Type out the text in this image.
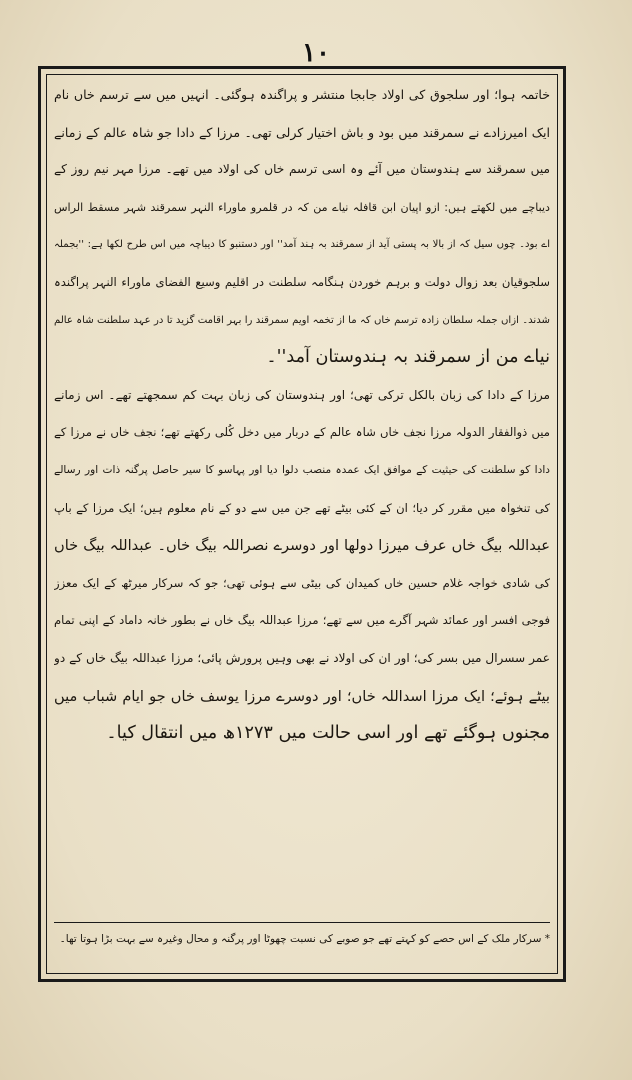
۱۰
خاتمہ ہوا؛ اور سلجوق کی اولاد جابجا منتشر و پراگندہ ہوگئی۔ انہیں میں سے ترسم خاں نام
ایک امیرزادے نے سمرقند میں بود و باش اختیار کرلی تھی۔ مرزا کے دادا جو شاہ عالم کے زمانے
میں سمرقند سے ہندوستان میں آئے وہ اسی ترسم خاں کی اولاد میں تھے۔ مرزا مہر نیم روز کے
دیباچے میں لکھتے ہیں: ازو اپیان ابن قافلہ نیاے من کہ در قلمرو ماوراء النہر سمرقند شہر مسقط الراس
اے بود۔ چوں سیل کہ از بالا بہ پستی آید از سمرقند بہ ہند آمد'' اور دستنبو کا دیباچہ میں اس طرح لکھا ہے: ''بجملہ
سلجوقیان بعد زوال دولت و برہم خوردن ہنگامہ سلطنت در اقلیم وسیع الفضای ماوراء النہر پراگندہ
شدند۔ ازاں جملہ سلطان زادہ ترسم خاں کہ ما از تخمہ اویم سمرقند را بہر اقامت گزید تا در عہد سلطنت شاہ عالم
نیاے من از سمرقند بہ ہندوستان آمد''۔
مرزا کے دادا کی زبان بالکل ترکی تھی؛ اور ہندوستان کی زبان بہت کم سمجھتے تھے۔ اس زمانے
میں ذوالفقار الدولہ مرزا نجف خاں شاہ عالم کے دربار میں دخل کُلی رکھتے تھے؛ نجف خاں نے مرزا کے
دادا کو سلطنت کی حیثیت کے موافق ایک عمدہ منصب دلوا دیا اور پہاسو کا سیر حاصل پرگنہ ذات اور رسالے
کی تنخواہ میں مقرر کر دیا؛ ان کے کئی بیٹے تھے جن میں سے دو کے نام معلوم ہیں؛ ایک مرزا کے باپ
عبداللہ بیگ خاں عرف میرزا دولھا اور دوسرے نصراللہ بیگ خاں۔ عبداللہ بیگ خاں
کی شادی خواجہ غلام حسین خاں کمیدان کی بیٹی سے ہوئی تھی؛ جو کہ سرکار میرٹھ کے ایک معزز
فوجی افسر اور عمائد شہر آگرے میں سے تھے؛ مرزا عبداللہ بیگ خاں نے بطور خانہ داماد کے اپنی تمام
عمر سسرال میں بسر کی؛ اور ان کی اولاد نے بھی وہیں پرورش پائی؛ مرزا عبداللہ بیگ خاں کے دو
بیٹے ہوئے؛ ایک مرزا اسداللہ خاں؛ اور دوسرے مرزا یوسف خاں جو ایام شباب میں
مجنوں ہوگئے تھے اور اسی حالت میں ۱۲۷۳ھ میں انتقال کیا۔
* سرکار ملک کے اس حصے کو کہتے تھے جو صوبے کی نسبت چھوٹا اور پرگنہ و محال وغیرہ سے بہت بڑا ہوتا تھا۔
